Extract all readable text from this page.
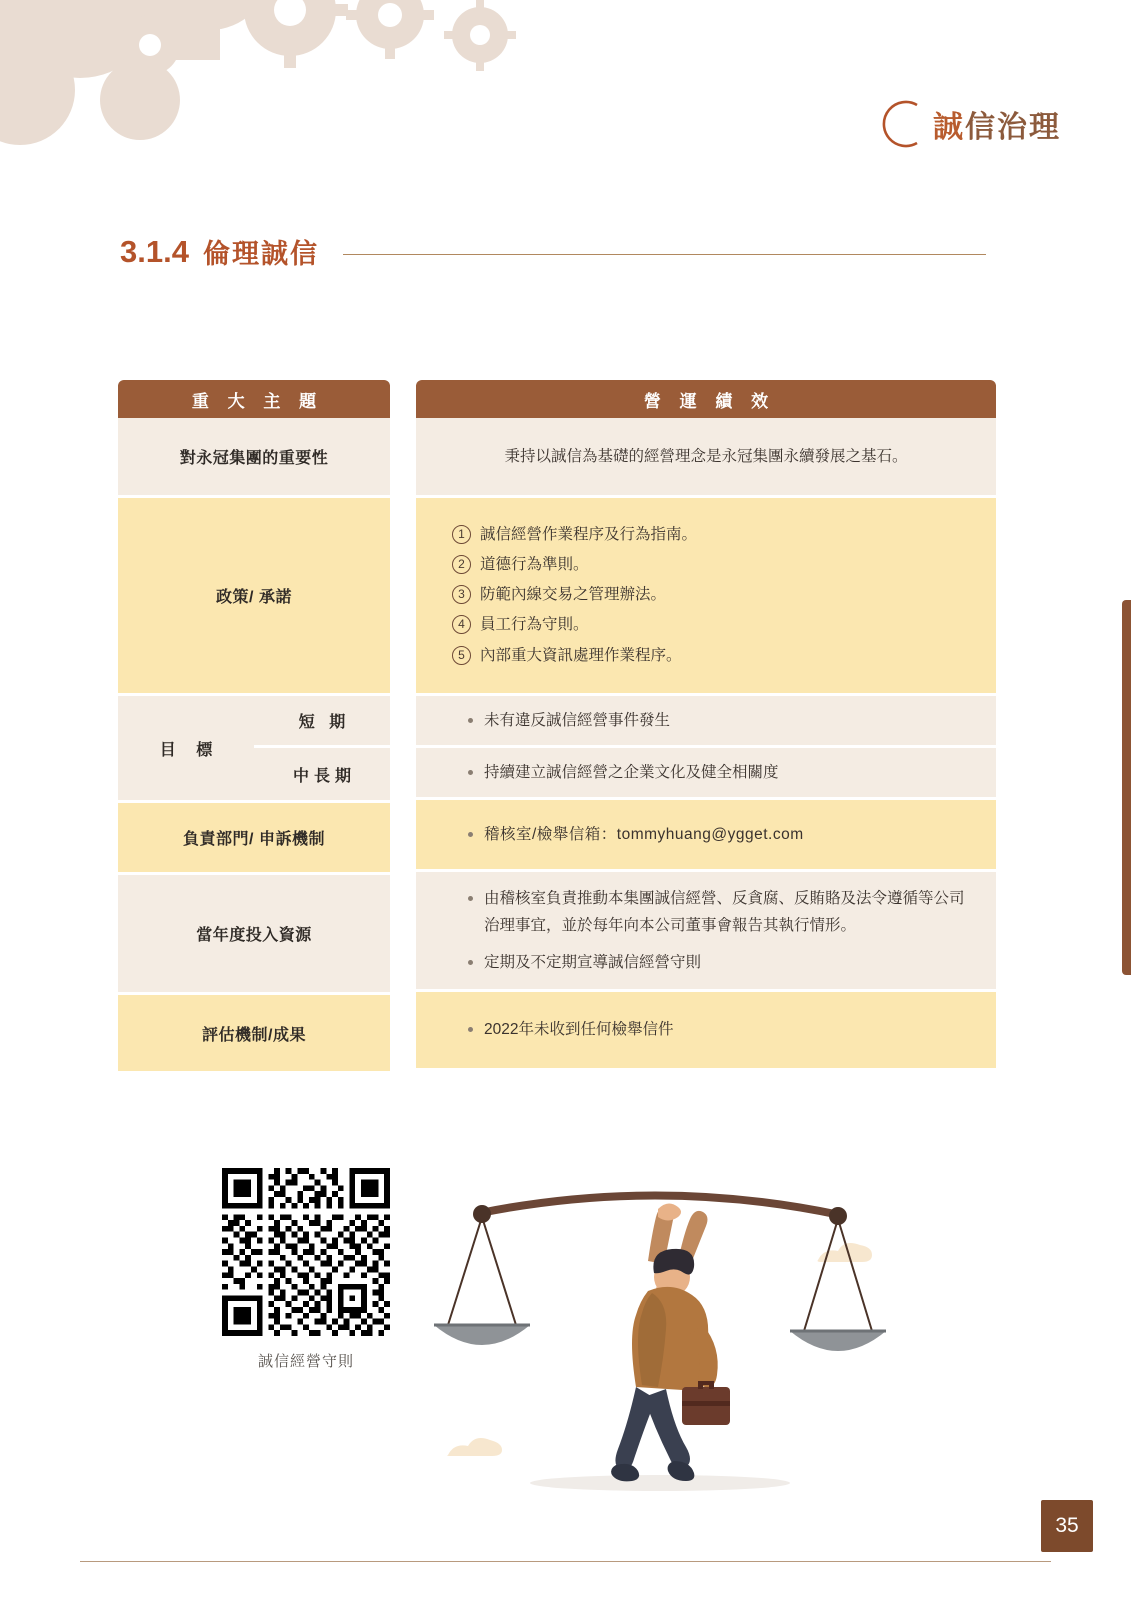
誠信治理
3.1.4 倫理誠信
重 大 主 題
對永冠集團的重要性
政策/ 承諾
目 標
短 期
中長期
負責部門/ 申訴機制
當年度投入資源
評估機制/成果
營 運 績 效
秉持以誠信為基礎的經營理念是永冠集團永續發展之基石。
1 誠信經營作業程序及行為指南。
2 道德行為準則。
3 防範內線交易之管理辦法。
4 員工行為守則。
5 內部重大資訊處理作業程序。
未有違反誠信經營事件發生
持續建立誠信經營之企業文化及健全相關度
稽核室/檢舉信箱：tommyhuang@ygget.com
由稽核室負責推動本集團誠信經營、反貪腐、反賄賂及法令遵循等公司治理事宜，並於每年向本公司董事會報告其執行情形。
定期及不定期宣導誠信經營守則
2022年未收到任何檢舉信件
誠信經營守則
35
